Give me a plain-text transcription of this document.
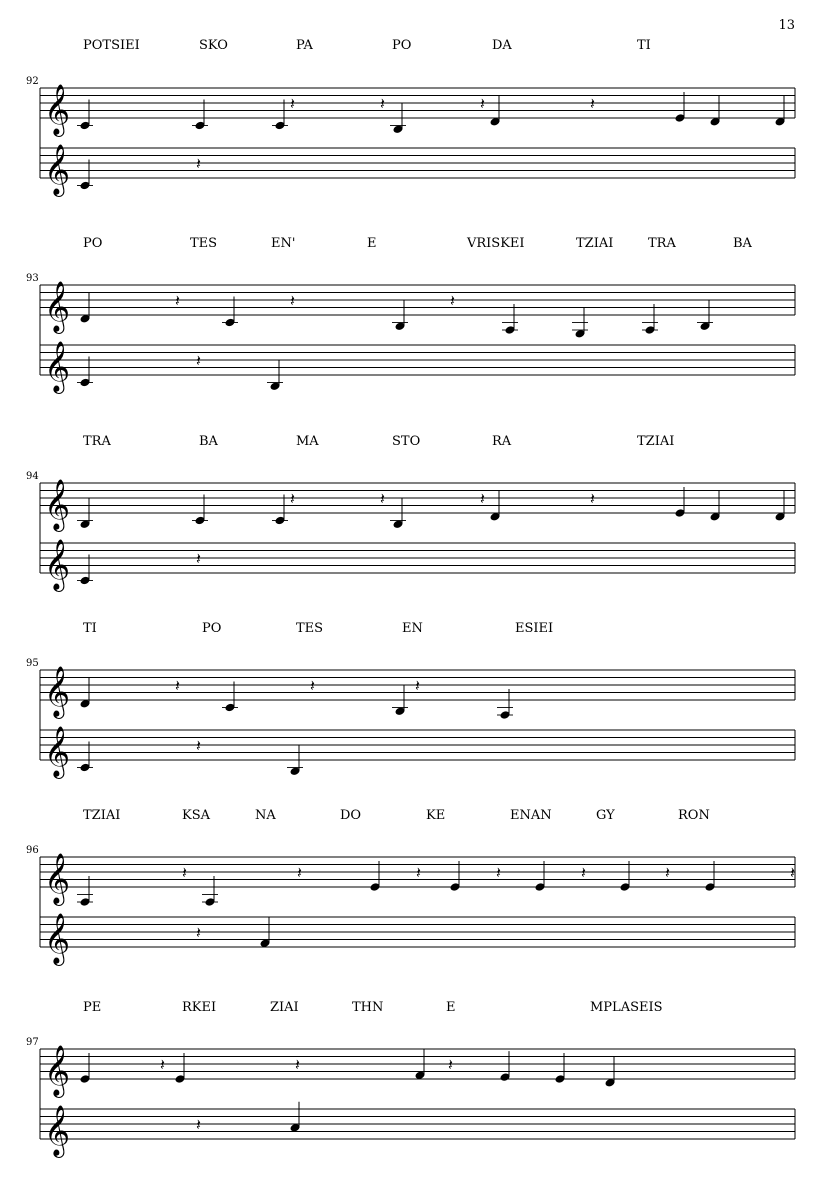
13
92
POTSIEI	SKO	PA	PO	DA	TI
𝄞
𝄞
𝄽	𝄽	𝄽	𝄽
𝄽
93
PO	TES	EN'	E	VRISKEI	TZIAI	TRA	BA
𝄞
𝄞
𝄽	𝄽	𝄽
𝄽
94
TRA	BA	MA	STO	RA	TZIAI
𝄞
𝄞
𝄽	𝄽	𝄽	𝄽
𝄽
95
TI	PO	TES	EN	ESIEI
𝄞
𝄞
𝄽	𝄽	𝄽
𝄽
96
TZIAI	KSA	NA	DO	KE	ENAN	GY	RON
𝄞
𝄞
𝄽	𝄽	𝄽	𝄽	𝄽	𝄽	𝄽
𝄽
97
PE	RKEI	ZIAI	THN	E	MPLASEIS
𝄞
𝄞
𝄽	𝄽	𝄽
𝄽
